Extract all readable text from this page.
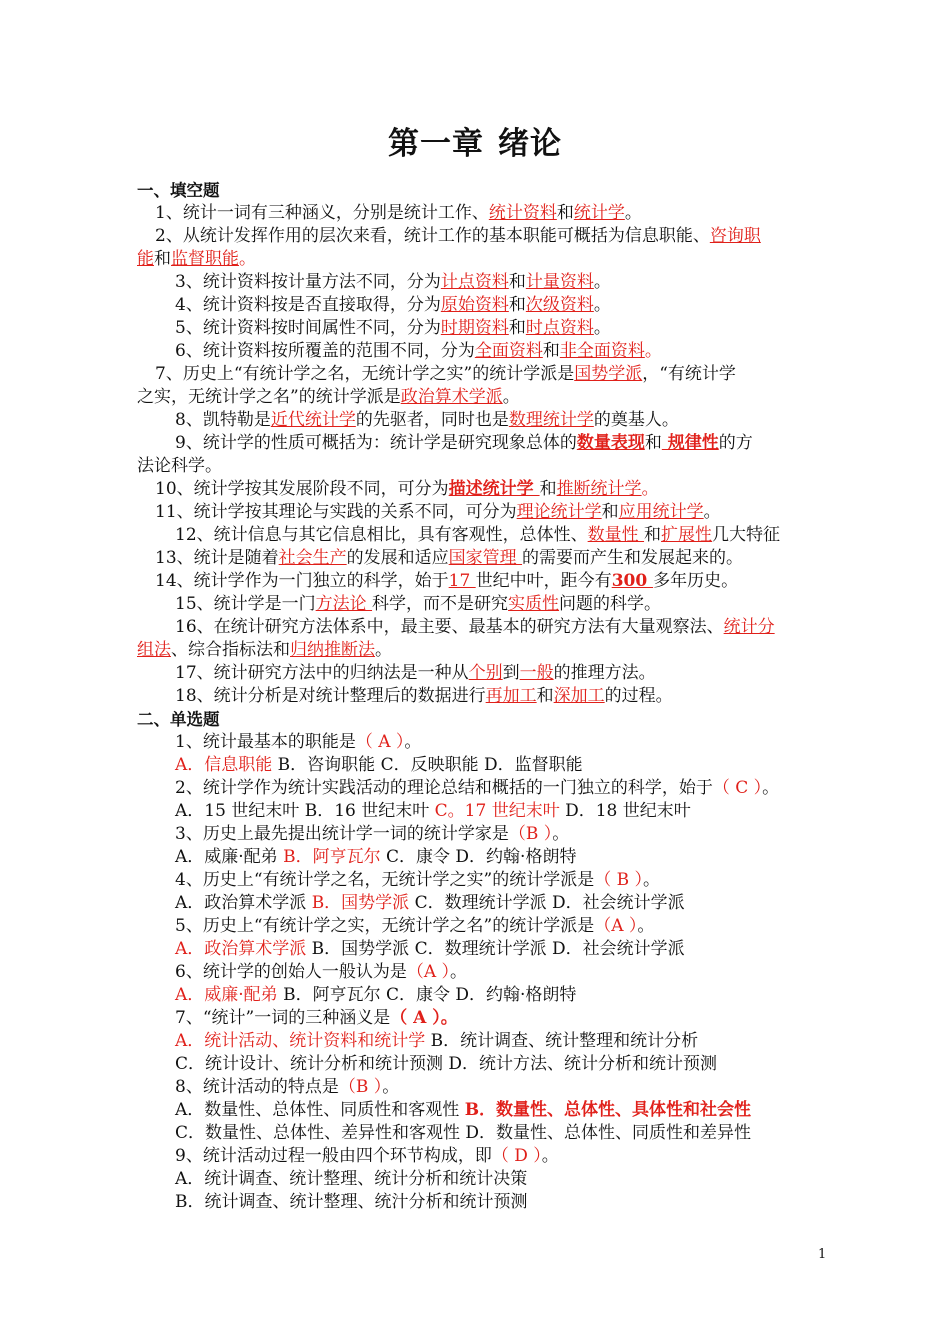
第一章 绪论
一、填空题
1、统计一词有三种涵义，分别是统计工作、统计资料和统计学。
2、从统计发挥作用的层次来看，统计工作的基本职能可概括为信息职能、咨询职
能和监督职能。
3、统计资料按计量方法不同，分为计点资料和计量资料。
4、统计资料按是否直接取得，分为原始资料和次级资料。
5、统计资料按时间属性不同，分为时期资料和时点资料。
6、统计资料按所覆盖的范围不同，分为全面资料和非全面资料。
7、历史上“有统计学之名，无统计学之实”的统计学派是国势学派，“有统计学
之实，无统计学之名”的统计学派是政治算术学派。
8、凯特勒是近代统计学的先驱者，同时也是数理统计学的奠基人。
9、统计学的性质可概括为：统计学是研究现象总体的数量表现和 规律性的方
法论科学。
10、统计学按其发展阶段不同，可分为描述统计学 和推断统计学。
11、统计学按其理论与实践的关系不同，可分为理论统计学和应用统计学。
12、统计信息与其它信息相比，具有客观性，总体性、数量性 和扩展性几大特征
13、统计是随着社会生产的发展和适应国家管理 的需要而产生和发展起来的。
14、统计学作为一门独立的科学，始于17 世纪中叶，距今有300 多年历史。
15、统计学是一门方法论 科学，而不是研究实质性问题的科学。
16、在统计研究方法体系中，最主要、最基本的研究方法有大量观察法、统计分
组法、综合指标法和归纳推断法。
17、统计研究方法中的归纳法是一种从个别到一般的推理方法。
18、统计分析是对统计整理后的数据进行再加工和深加工的过程。
二、单选题
1、统计最基本的职能是（ A ）。
A．信息职能 B．咨询职能 C．反映职能 D．监督职能
2、统计学作为统计实践活动的理论总结和概括的一门独立的科学，始于（ C ）。
A．15 世纪末叶 B．16 世纪末叶 C。17 世纪末叶 D．18 世纪末叶
3、历史上最先提出统计学一词的统计学家是（B ）。
A．威廉·配弟 B．阿亨瓦尔 C．康令 D．约翰·格朗特
4、历史上“有统计学之名，无统计学之实”的统计学派是（ B ）。
A．政治算术学派 B．国势学派 C．数理统计学派 D．社会统计学派
5、历史上“有统计学之实，无统计学之名”的统计学派是（A ）。
A．政治算术学派 B．国势学派 C．数理统计学派 D．社会统计学派
6、统计学的创始人一般认为是（A ）。
A．威廉·配弟 B．阿亨瓦尔 C．康令 D．约翰·格朗特
7、“统计”一词的三种涵义是（ A ）。
A．统计活动、统计资料和统计学 B．统计调查、统计整理和统计分析
C．统计设计、统计分析和统计预测 D．统计方法、统计分析和统计预测
8、统计活动的特点是（B ）。
A．数量性、总体性、同质性和客观性 B．数量性、总体性、具体性和社会性
C．数量性、总体性、差异性和客观性 D．数量性、总体性、同质性和差异性
9、统计活动过程一般由四个环节构成，即（ D ）。
A．统计调查、统计整理、统计分析和统计决策
B．统计调查、统计整理、统汁分析和统计预测
1
